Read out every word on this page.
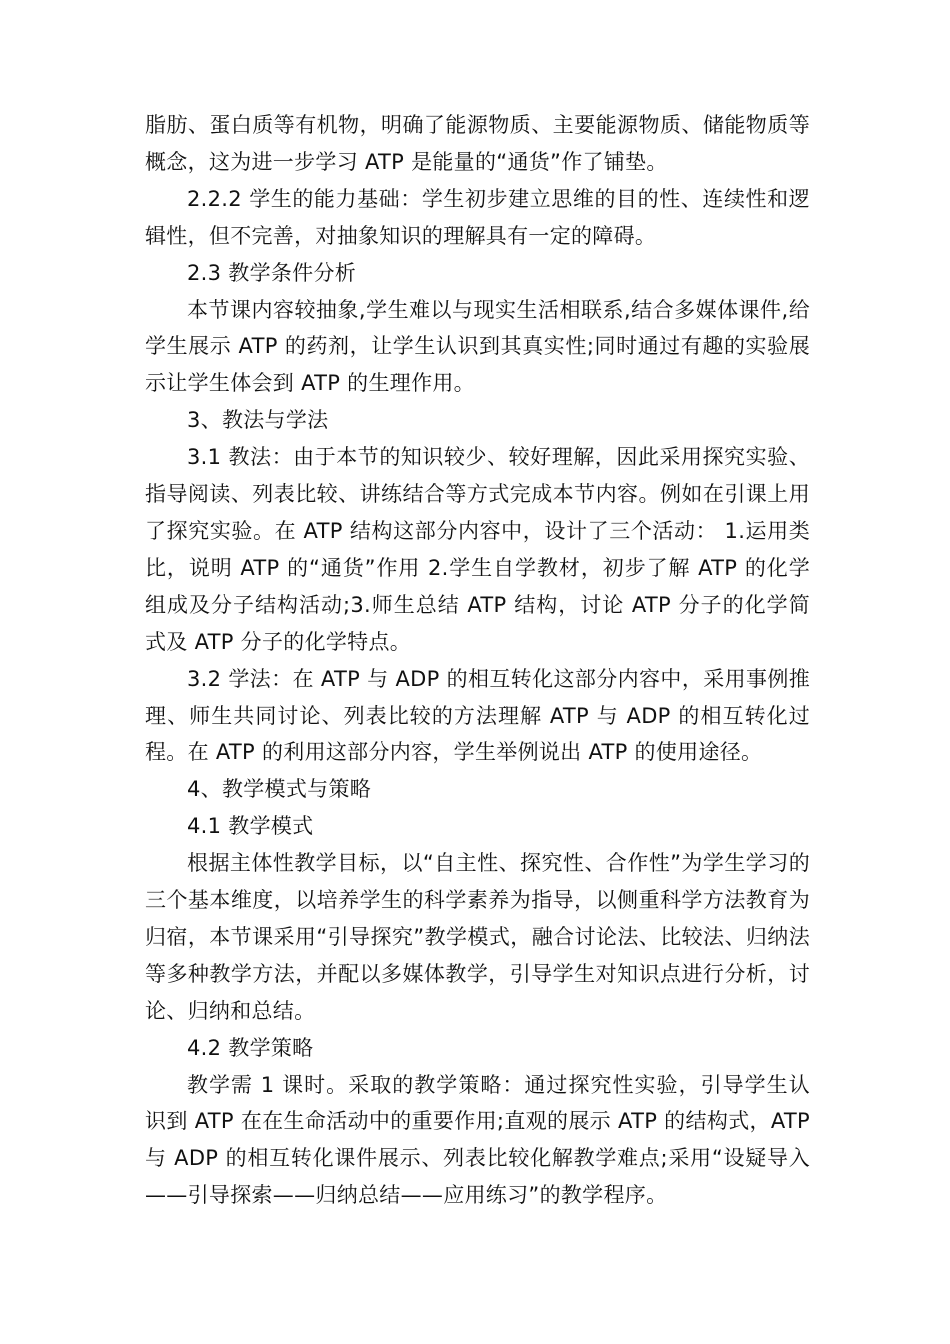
脂肪、蛋白质等有机物，明确了能源物质、主要能源物质、储能物质等概念，这为进一步学习 ATP 是能量的“通货”作了铺垫。

2.2.2 学生的能力基础：学生初步建立思维的目的性、连续性和逻辑性，但不完善，对抽象知识的理解具有一定的障碍。

2.3 教学条件分析

本节课内容较抽象,学生难以与现实生活相联系,结合多媒体课件,给学生展示 ATP 的药剂，让学生认识到其真实性;同时通过有趣的实验展示让学生体会到 ATP 的生理作用。

3、教法与学法

3.1 教法：由于本节的知识较少、较好理解，因此采用探究实验、指导阅读、列表比较、讲练结合等方式完成本节内容。例如在引课上用了探究实验。在 ATP 结构这部分内容中，设计了三个活动： 1.运用类比，说明 ATP 的“通货”作用 2.学生自学教材，初步了解 ATP 的化学组成及分子结构活动;3.师生总结 ATP 结构，讨论 ATP 分子的化学简式及 ATP 分子的化学特点。

3.2 学法：在 ATP 与 ADP 的相互转化这部分内容中，采用事例推理、师生共同讨论、列表比较的方法理解 ATP 与 ADP 的相互转化过程。在 ATP 的利用这部分内容，学生举例说出 ATP 的使用途径。

4、教学模式与策略

4.1 教学模式

根据主体性教学目标，以“自主性、探究性、合作性”为学生学习的三个基本维度，以培养学生的科学素养为指导，以侧重科学方法教育为归宿，本节课采用“引导探究”教学模式，融合讨论法、比较法、归纳法等多种教学方法，并配以多媒体教学，引导学生对知识点进行分析，讨论、归纳和总结。

4.2 教学策略

教学需 1 课时。采取的教学策略：通过探究性实验，引导学生认识到 ATP 在在生命活动中的重要作用;直观的展示 ATP 的结构式，ATP 与 ADP 的相互转化课件展示、列表比较化解教学难点;采用“设疑导入——引导探索——归纳总结——应用练习”的教学程序。
